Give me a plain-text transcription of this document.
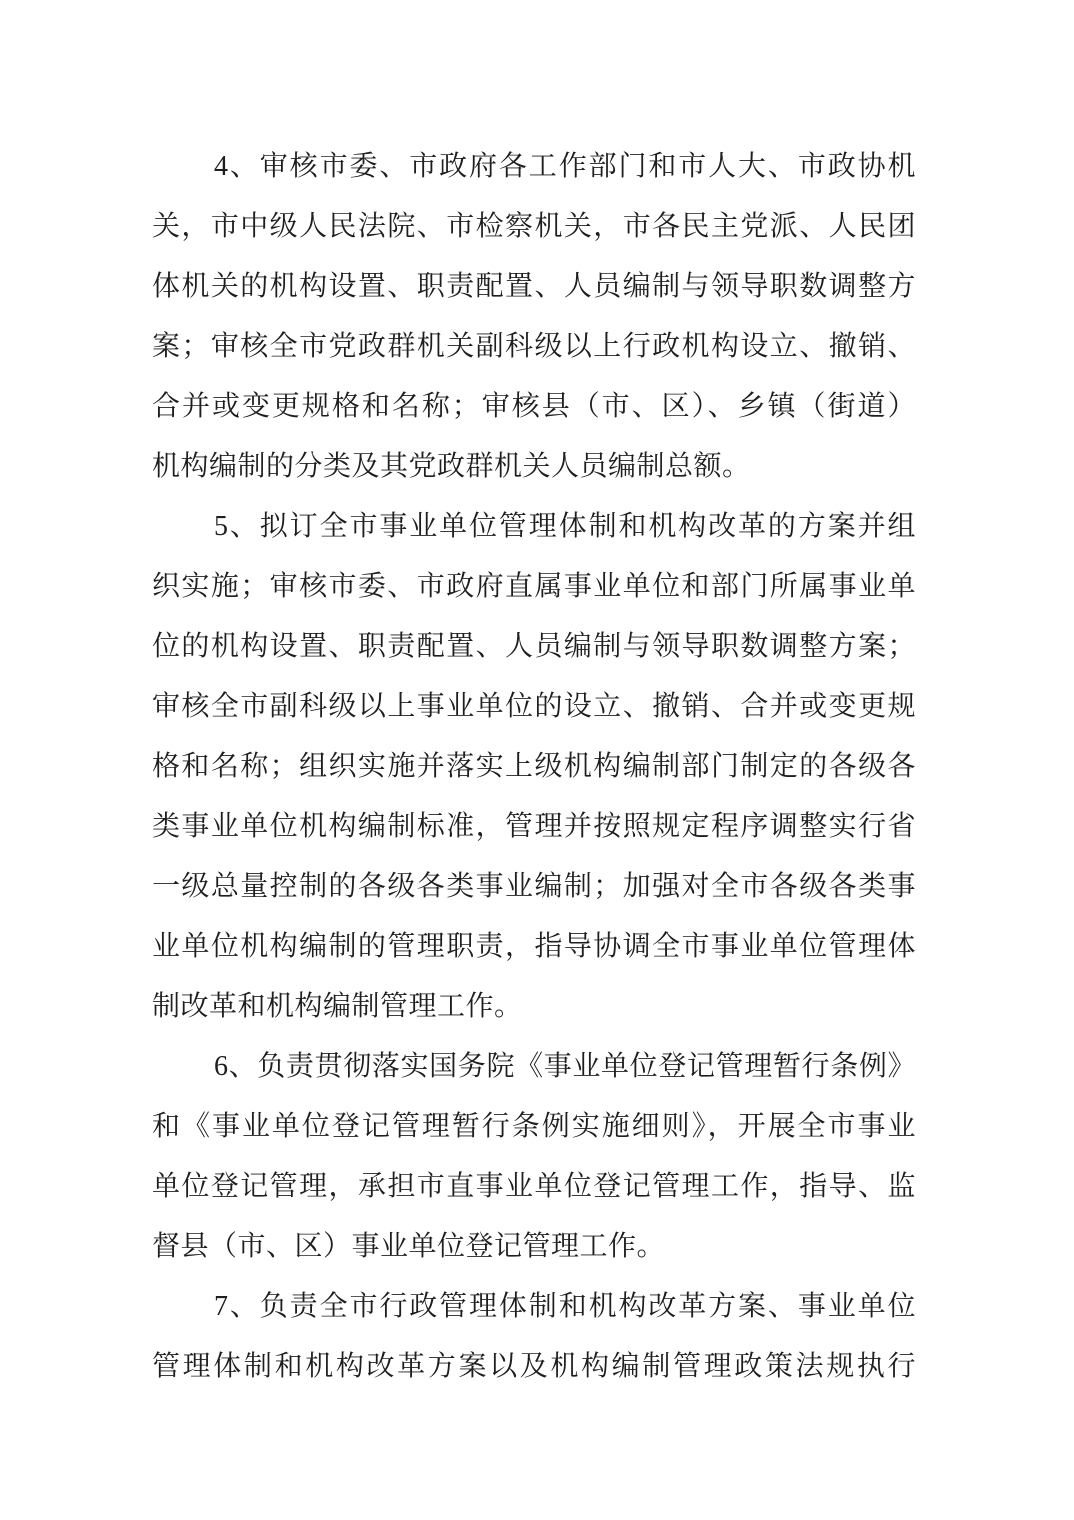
4、审核市委、市政府各工作部门和市人大、市政协机
关，市中级人民法院、市检察机关，市各民主党派、人民团
体机关的机构设置、职责配置、人员编制与领导职数调整方
案；审核全市党政群机关副科级以上行政机构设立、撤销、
合并或变更规格和名称；审核县（市、区）、乡镇（街道）
机构编制的分类及其党政群机关人员编制总额。
5、拟订全市事业单位管理体制和机构改革的方案并组
织实施；审核市委、市政府直属事业单位和部门所属事业单
位的机构设置、职责配置、人员编制与领导职数调整方案；
审核全市副科级以上事业单位的设立、撤销、合并或变更规
格和名称；组织实施并落实上级机构编制部门制定的各级各
类事业单位机构编制标准，管理并按照规定程序调整实行省
一级总量控制的各级各类事业编制；加强对全市各级各类事
业单位机构编制的管理职责，指导协调全市事业单位管理体
制改革和机构编制管理工作。
6、负责贯彻落实国务院《事业单位登记管理暂行条例》
和《事业单位登记管理暂行条例实施细则》，开展全市事业
单位登记管理，承担市直事业单位登记管理工作，指导、监
督县（市、区）事业单位登记管理工作。
7、负责全市行政管理体制和机构改革方案、事业单位
管理体制和机构改革方案以及机构编制管理政策法规执行
